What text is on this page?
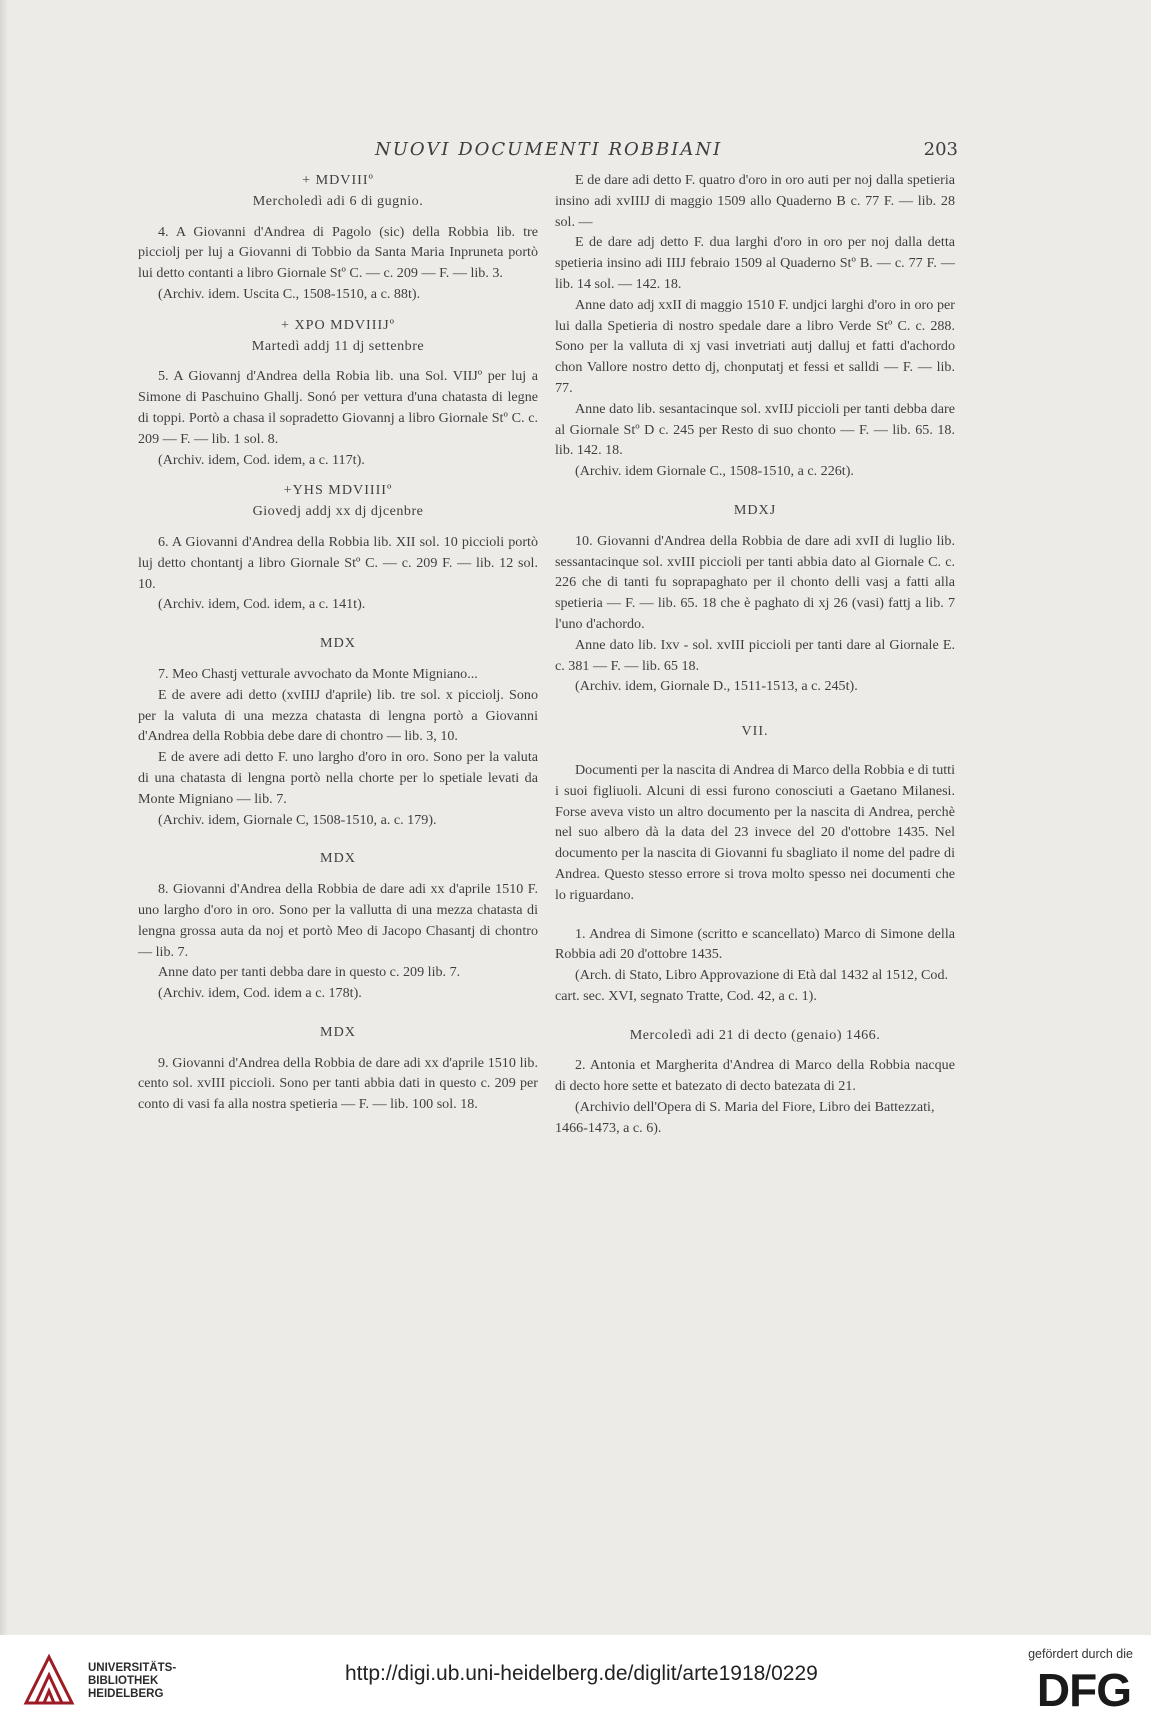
NUOVI DOCUMENTI ROBBIANI	203

+ MDVIIIº

Mercholedì adi 6 di gugnio.

4. A Giovanni d'Andrea di Pagolo (sic) della Robbia lib. tre picciolj per luj a Giovanni di Tobbio da Santa Maria Inpruneta portò lui detto contanti a libro Giornale Stº C. — c. 209 — F. — lib. 3.

(Archiv. idem. Uscita C., 1508-1510, a c. 88t).

+ XPO MDVIIIJº

Martedì addj 11 dj settenbre

5. A Giovannj d'Andrea della Robia lib. una Sol. VIIJº per luj a Simone di Paschuino Ghallj. Sonó per vettura d'una chatasta di legne di toppi. Portò a chasa il sopradetto Giovannj a libro Giornale Stº C. c. 209 — F. — lib. 1 sol. 8.

(Archiv. idem, Cod. idem, a c. 117t).

+YHS MDVIIIIº

Giovedj addj xx dj djcenbre

6. A Giovanni d'Andrea della Robbia lib. XII sol. 10 piccioli portò luj detto chontantj a libro Giornale Stº C. — c. 209 F. — lib. 12 sol. 10.

(Archiv. idem, Cod. idem, a c. 141t).

MDX

7. Meo Chastj vetturale avvochato da Monte Migniano...

E de avere adi detto (xvIIIJ d'aprile) lib. tre sol. x picciolj. Sono per la valuta di una mezza chatasta di lengna portò a Giovanni d'Andrea della Robbia debe dare di chontro — lib. 3, 10.

E de avere adi detto F. uno largho d'oro in oro. Sono per la valuta di una chatasta di lengna portò nella chorte per lo spetiale levati da Monte Migniano — lib. 7.

(Archiv. idem, Giornale C, 1508-1510, a. c. 179).

MDX

8. Giovanni d'Andrea della Robbia de dare adi xx d'aprile 1510 F. uno largho d'oro in oro. Sono per la vallutta di una mezza chatasta di lengna grossa auta da noj et portò Meo di Jacopo Chasantj di chontro — lib. 7.

Anne dato per tanti debba dare in questo c. 209 lib. 7.

(Archiv. idem, Cod. idem a c. 178t).

MDX

9. Giovanni d'Andrea della Robbia de dare adi xx d'aprile 1510 lib. cento sol. xvIII piccioli. Sono per tanti abbia dati in questo c. 209 per conto di vasi fa alla nostra spetieria — F. — lib. 100 sol. 18.

E de dare adi detto F. quatro d'oro in oro auti per noj dalla spetieria insino adi xvIIIJ di maggio 1509 allo Quaderno B c. 77 F. — lib. 28 sol. —

E de dare adj detto F. dua larghi d'oro in oro per noj dalla detta spetieria insino adi IIIJ febraio 1509 al Quaderno Stº B. — c. 77 F. — lib. 14 sol. — 142. 18.

Anne dato adj xxII di maggio 1510 F. undjci larghi d'oro in oro per lui dalla Spetieria di nostro spedale dare a libro Verde Stº C. c. 288. Sono per la valluta di xj vasi invetriati autj dalluj et fatti d'achordo chon Vallore nostro detto dj, chonputatj et fessi et salldi — F. — lib. 77.

Anne dato lib. sesantacinque sol. xvIIJ piccioli per tanti debba dare al Giornale Stº D c. 245 per Resto di suo chonto — F. — lib. 65. 18. lib. 142. 18.

(Archiv. idem Giornale C., 1508-1510, a c. 226t).

MDXJ

10. Giovanni d'Andrea della Robbia de dare adi xvII di luglio lib. sessantacinque sol. xvIII piccioli per tanti abbia dato al Giornale C. c. 226 che di tanti fu soprapaghato per il chonto delli vasj a fatti alla spetieria — F. — lib. 65. 18 che è paghato di xj 26 (vasi) fattj a lib. 7 l'uno d'achordo.

Anne dato lib. Ixv - sol. xvIII piccioli per tanti dare al Giornale E. c. 381 — F. — lib. 65 18.

(Archiv. idem, Giornale D., 1511-1513, a c. 245t).

VII.

Documenti per la nascita di Andrea di Marco della Robbia e di tutti i suoi figliuoli. Alcuni di essi furono conosciuti a Gaetano Milanesi. Forse aveva visto un altro documento per la nascita di Andrea, perchè nel suo albero dà la data del 23 invece del 20 d'ottobre 1435. Nel documento per la nascita di Giovanni fu sbagliato il nome del padre di Andrea. Questo stesso errore si trova molto spesso nei documenti che lo riguardano.

1. Andrea di Simone (scritto e scancellato) Marco di Simone della Robbia adi 20 d'ottobre 1435.

(Arch. di Stato, Libro Approvazione di Età dal 1432 al 1512, Cod. cart. sec. XVI, segnato Tratte, Cod. 42, a c. 1).

Mercoledì adi 21 di decto (genaio) 1466.

2. Antonia et Margherita d'Andrea di Marco della Robbia nacque di decto hore sette et batezato di decto batezata di 21.

(Archivio dell'Opera di S. Maria del Fiore, Libro dei Battezzati, 1466-1473, a c. 6).

UNIVERSITÄTS-
BIBLIOTHEK
HEIDELBERG
http://digi.ub.uni-heidelberg.de/diglit/arte1918/0229
gefördert durch die
DFG
